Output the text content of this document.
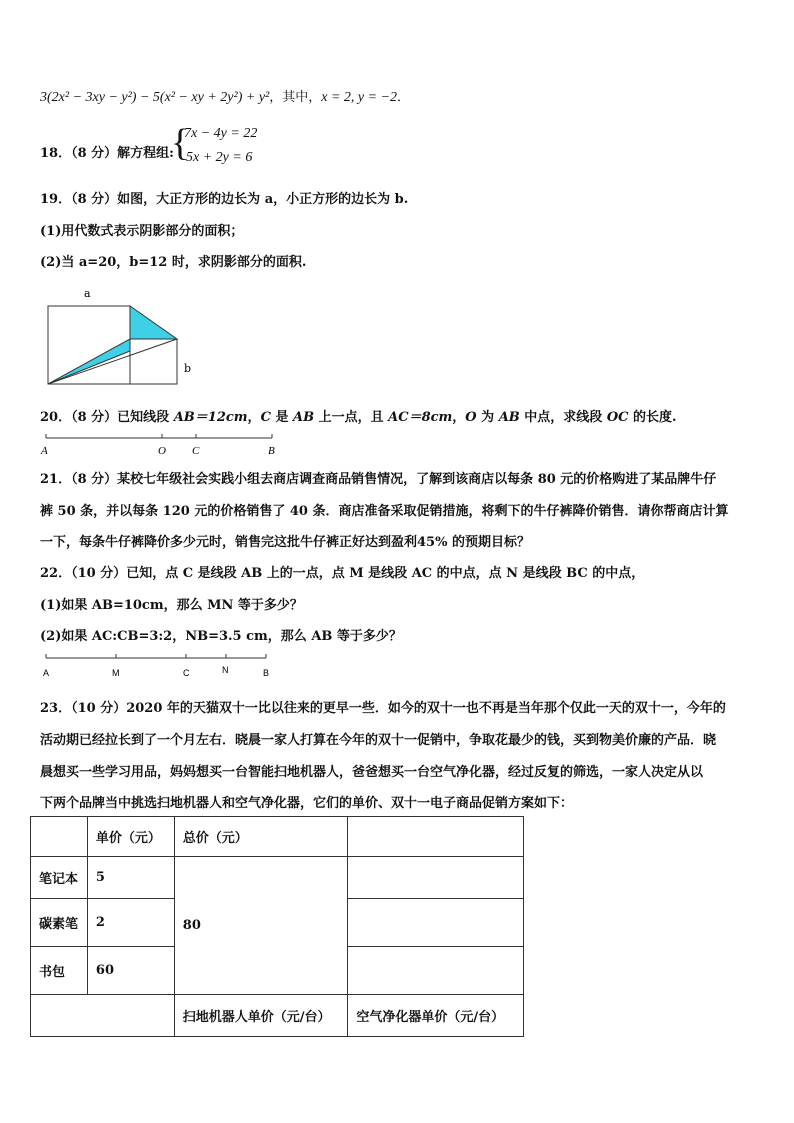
3(2x² − 3xy − y²) − 5(x² − xy + 2y²) + y²，其中，x = 2, y = −2．
18．（8 分）解方程组:
{
7x − 4y = 22
5x + 2y = 6
19．（8 分）如图，大正方形的边长为 a，小正方形的边长为 b.
(1)用代数式表示阴影部分的面积；
(2)当 a=20，b=12 时，求阴影部分的面积.
a
b
20．（8 分）已知线段 AB＝12cm，C 是 AB 上一点，且 AC＝8cm，O 为 AB 中点，求线段 OC 的长度.
A	O C	B
21．（8 分）某校七年级社会实践小组去商店调查商品销售情况，了解到该商店以每条 80 元的价格购进了某品牌牛仔
裤 50 条，并以每条 120 元的价格销售了 40 条．商店准备采取促销措施，将剩下的牛仔裤降价销售．请你帮商店计算
一下，每条牛仔裤降价多少元时，销售完这批牛仔裤正好达到盈利45% 的预期目标？
22．（10 分）已知，点 C 是线段 AB 上的一点，点 M 是线段 AC 的中点，点 N 是线段 BC 的中点，
(1)如果 AB=10cm，那么 MN 等于多少？
(2)如果 AC:CB=3:2，NB=3.5 cm，那么 AB 等于多少？
A	M	C	N	B
23．（10 分）2020 年的天猫双十一比以往来的更早一些．如今的双十一也不再是当年那个仅此一天的双十一，今年的
活动期已经拉长到了一个月左右．晓晨一家人打算在今年的双十一促销中，争取花最少的钱，买到物美价廉的产品．晓
晨想买一些学习用品，妈妈想买一台智能扫地机器人，爸爸想买一台空气净化器，经过反复的筛选，一家人决定从以
下两个品牌当中挑选扫地机器人和空气净化器，它们的单价、双十一电子商品促销方案如下：
	单价（元）	总价（元）	
笔记本	5	80	
碳素笔	2		
书包	60		
		扫地机器人单价（元/台）	空气净化器单价（元/台）
